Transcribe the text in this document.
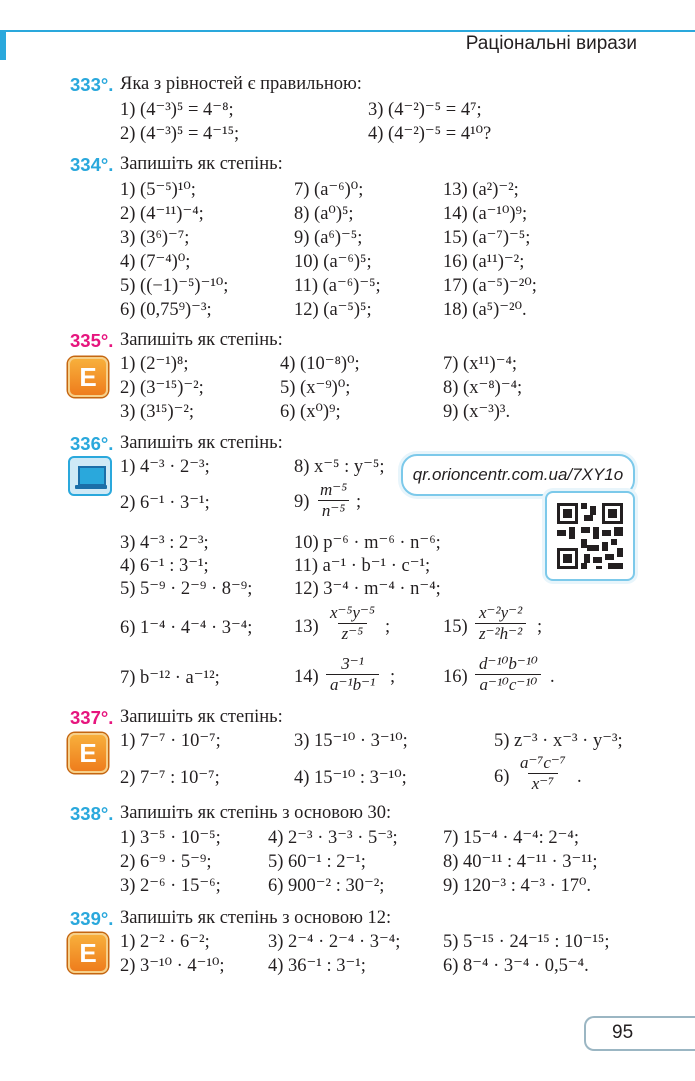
Раціональні вирази
333°. Яка з рівностей є правильною:
1) (4⁻³)⁵ = 4⁻⁸;
2) (4⁻³)⁵ = 4⁻¹⁵;
3) (4⁻²)⁻⁵ = 4⁷;
4) (4⁻²)⁻⁵ = 4¹⁰?
334°. Запишіть як степінь:
1) (5⁻⁵)¹⁰;
2) (4⁻¹¹)⁻⁴;
3) (3⁶)⁻⁷;
4) (7⁻⁴)⁰;
5) ((−1)⁻⁵)⁻¹⁰;
6) (0,75⁹)⁻³;
7) (a⁻⁶)⁰;
8) (a⁰)⁵;
9) (a⁶)⁻⁵;
10) (a⁻⁶)⁵;
11) (a⁻⁶)⁻⁵;
12) (a⁻⁵)⁵;
13) (a²)⁻²;
14) (a⁻¹⁰)⁹;
15) (a⁻⁷)⁻⁵;
16) (a¹¹)⁻²;
17) (a⁻⁵)⁻²⁰;
18) (a⁵)⁻²⁰.
335°. Запишіть як степінь:
E	1) (2⁻¹)⁸;
2) (3⁻¹⁵)⁻²;
3) (3¹⁵)⁻²;
4) (10⁻⁸)⁰;
5) (x⁻⁹)⁰;
6) (x⁰)⁹;
7) (x¹¹)⁻⁴;
8) (x⁻⁸)⁻⁴;
9) (x⁻³)³.
336°. Запишіть як степінь:
qr.orioncentr.com.ua/7XY1o
1) 4⁻³ · 2⁻³;
2) 6⁻¹ · 3⁻¹;
3) 4⁻³ : 2⁻³;
4) 6⁻¹ : 3⁻¹;
5) 5⁻⁹ · 2⁻⁹ · 8⁻⁹;
6) 1⁻⁴ · 4⁻⁴ · 3⁻⁴;
7) b⁻¹² · a⁻¹²;
8) x⁻⁵ : y⁻⁵;
$9) \frac{\text{m⁻⁵}}{\text{n⁻⁵}}$ ;
10) p⁻⁶ · m⁻⁶ · n⁻⁶;
11) a⁻¹ · b⁻¹ · c⁻¹;
12) 3⁻⁴ · m⁻⁴ · n⁻⁴;
$13) \frac{\text{x⁻⁵y⁻⁵}}{\text{z⁻⁵}}$ ;
$14) \frac{\text{3⁻¹}}{\text{a⁻¹b⁻¹}}$ ;
$15) \frac{\text{x⁻²y⁻²}}{\text{z⁻²h⁻²}}$ ;
$16) \frac{\text{d⁻¹⁰b⁻¹⁰}}{\text{a⁻¹⁰c⁻¹⁰}}$ .
337°. Запишіть як степінь:
E	1) 7⁻⁷ · 10⁻⁷;
2) 7⁻⁷ : 10⁻⁷;
3) 15⁻¹⁰ · 3⁻¹⁰;
4) 15⁻¹⁰ : 3⁻¹⁰;
5) z⁻³ · x⁻³ · y⁻³;
$6) \frac{\text{a⁻⁷c⁻⁷}}{\text{x⁻⁷}}$ .
338°. Запишіть як степінь з основою 30:
1) 3⁻⁵ · 10⁻⁵;
2) 6⁻⁹ · 5⁻⁹;
3) 2⁻⁶ · 15⁻⁶;
4) 2⁻³ · 3⁻³ · 5⁻³;
5) 60⁻¹ : 2⁻¹;
6) 900⁻² : 30⁻²;
7) 15⁻⁴ · 4⁻⁴: 2⁻⁴;
8) 40⁻¹¹ : 4⁻¹¹ · 3⁻¹¹;
9) 120⁻³ : 4⁻³ · 17⁰.
339°. Запишіть як степінь з основою 12:
E	1) 2⁻² · 6⁻²;
2) 3⁻¹⁰ · 4⁻¹⁰;
3) 2⁻⁴ · 2⁻⁴ · 3⁻⁴;
4) 36⁻¹ : 3⁻¹;
5) 5⁻¹⁵ · 24⁻¹⁵ : 10⁻¹⁵;
6) 8⁻⁴ · 3⁻⁴ · 0,5⁻⁴.
95
